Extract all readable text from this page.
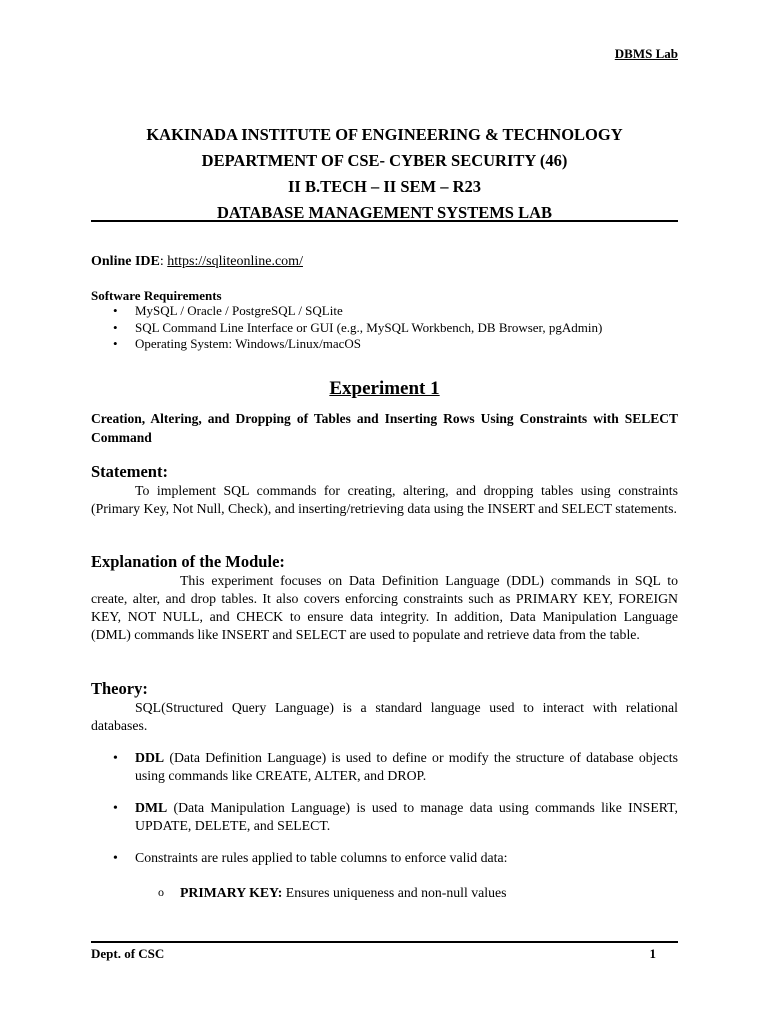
DBMS Lab
KAKINADA INSTITUTE OF ENGINEERING & TECHNOLOGY
DEPARTMENT OF CSE- CYBER SECURITY (46)
II B.TECH – II SEM – R23
DATABASE MANAGEMENT SYSTEMS LAB
Online IDE: https://sqliteonline.com/
Software Requirements
• MySQL / Oracle / PostgreSQL / SQLite
• SQL Command Line Interface or GUI (e.g., MySQL Workbench, DB Browser, pgAdmin)
• Operating System: Windows/Linux/macOS
Experiment 1
Creation, Altering, and Dropping of Tables and Inserting Rows Using Constraints with SELECT Command
Statement:

To implement SQL commands for creating, altering, and dropping tables using constraints (Primary Key, Not Null, Check), and inserting/retrieving data using the INSERT and SELECT statements.

Explanation of the Module:

This experiment focuses on Data Definition Language (DDL) commands in SQL to create, alter, and drop tables. It also covers enforcing constraints such as PRIMARY KEY, FOREIGN KEY, NOT NULL, and CHECK to ensure data integrity. In addition, Data Manipulation Language (DML) commands like INSERT and SELECT are used to populate and retrieve data from the table.

Theory:

SQL(Structured Query Language) is a standard language used to interact with relational databases.

• DDL (Data Definition Language) is used to define or modify the structure of database objects using commands like CREATE, ALTER, and DROP.
• DML (Data Manipulation Language) is used to manage data using commands like INSERT, UPDATE, DELETE, and SELECT.
• Constraints are rules applied to table columns to enforce valid data:
o PRIMARY KEY: Ensures uniqueness and non-null values
Dept. of CSC	1
